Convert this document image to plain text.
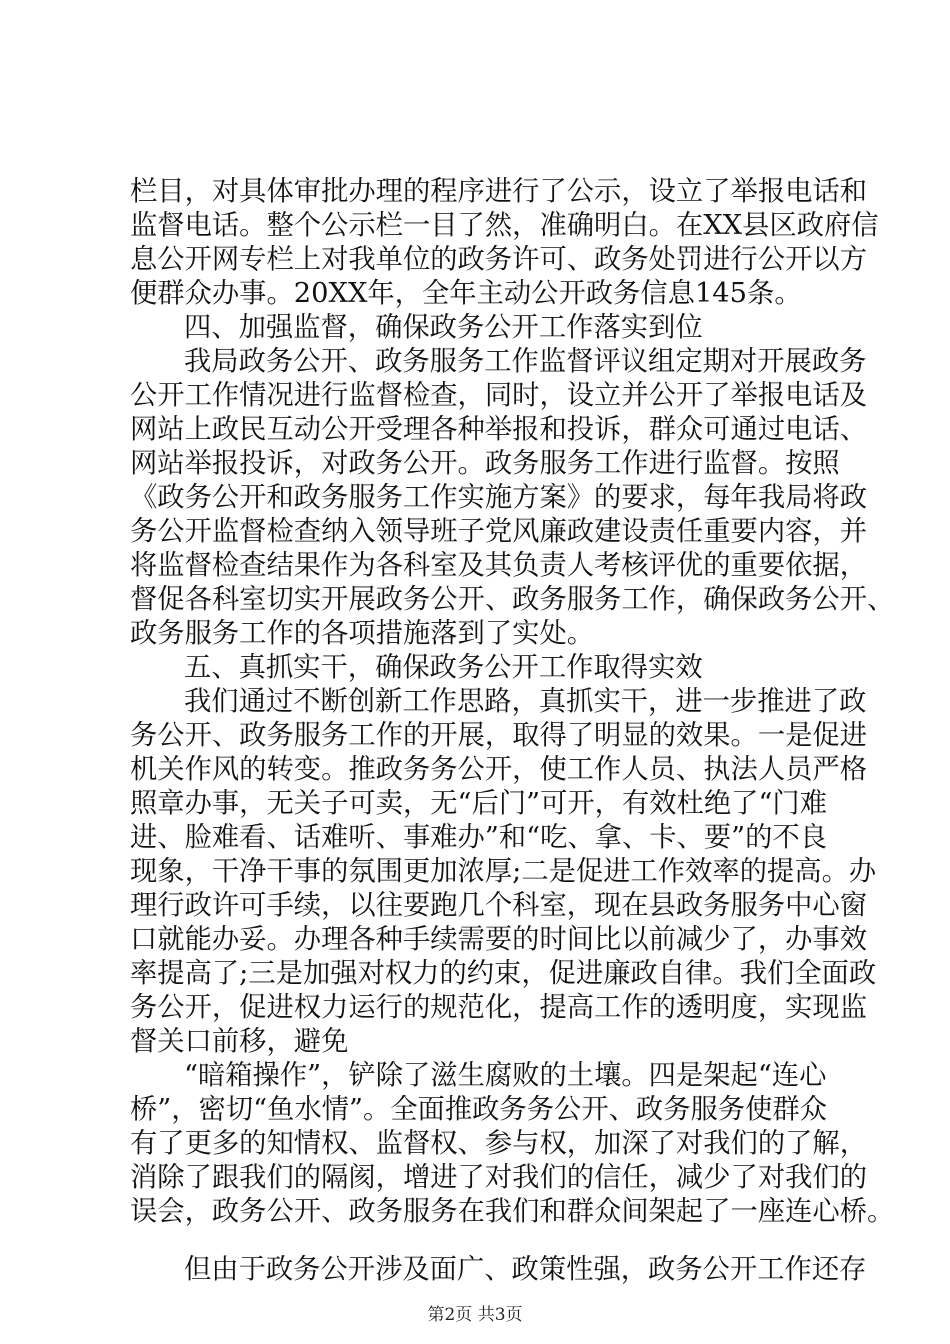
栏目，对具体审批办理的程序进行了公示，设立了举报电话和
监督电话。整个公示栏一目了然，准确明白。在XX县区政府信
息公开网专栏上对我单位的政务许可、政务处罚进行公开以方
便群众办事。20XX年，全年主动公开政务信息145条。
四、加强监督，确保政务公开工作落实到位
我局政务公开、政务服务工作监督评议组定期对开展政务
公开工作情况进行监督检查，同时，设立并公开了举报电话及
网站上政民互动公开受理各种举报和投诉，群众可通过电话、
网站举报投诉，对政务公开。政务服务工作进行监督。按照
《政务公开和政务服务工作实施方案》的要求，每年我局将政
务公开监督检查纳入领导班子党风廉政建设责任重要内容，并
将监督检查结果作为各科室及其负责人考核评优的重要依据，
督促各科室切实开展政务公开、政务服务工作，确保政务公开、
政务服务工作的各项措施落到了实处。
五、真抓实干，确保政务公开工作取得实效
我们通过不断创新工作思路，真抓实干，进一步推进了政
务公开、政务服务工作的开展，取得了明显的效果。一是促进
机关作风的转变。推政务务公开，使工作人员、执法人员严格
照章办事，无关子可卖，无“后门”可开，有效杜绝了“门难
进、脸难看、话难听、事难办”和“吃、拿、卡、要”的不良
现象，干净干事的氛围更加浓厚;二是促进工作效率的提高。办
理行政许可手续，以往要跑几个科室，现在县政务服务中心窗
口就能办妥。办理各种手续需要的时间比以前减少了，办事效
率提高了;三是加强对权力的约束，促进廉政自律。我们全面政
务公开，促进权力运行的规范化，提高工作的透明度，实现监
督关口前移，避免
“暗箱操作”，铲除了滋生腐败的土壤。四是架起“连心
桥”，密切“鱼水情”。全面推政务务公开、政务服务使群众
有了更多的知情权、监督权、参与权，加深了对我们的了解，
消除了跟我们的隔阂，增进了对我们的信任，减少了对我们的
误会，政务公开、政务服务在我们和群众间架起了一座连心桥。
但由于政务公开涉及面广、政策性强，政务公开工作还存
第2页 共3页
